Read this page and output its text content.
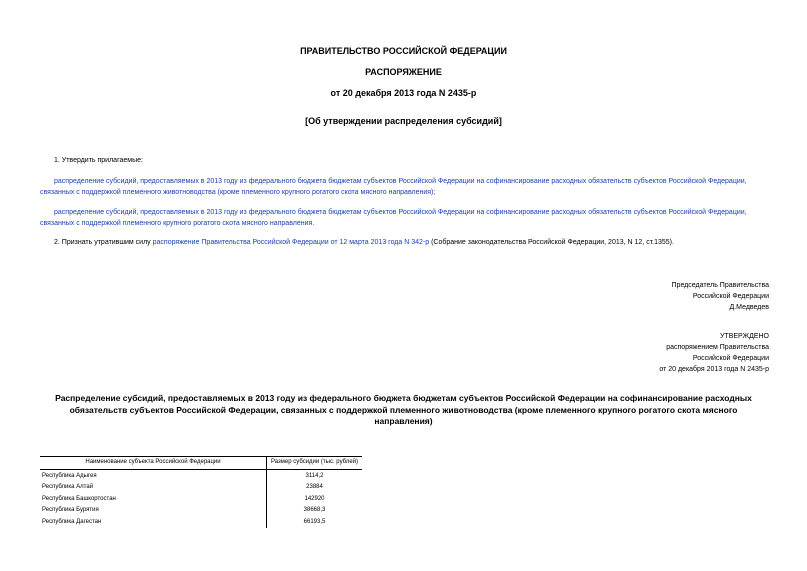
ПРАВИТЕЛЬСТВО РОССИЙСКОЙ ФЕДЕРАЦИИ
РАСПОРЯЖЕНИЕ
от 20 декабря 2013 года N 2435-р
[Об утверждении распределения субсидий]
1. Утвердить прилагаемые:
распределение субсидий, предоставляемых в 2013 году из федерального бюджета бюджетам субъектов Российской Федерации на софинансирование расходных обязательств субъектов Российской Федерации, связанных с поддержкой племенного животноводства (кроме племенного крупного рогатого скота мясного направления);
распределение субсидий, предоставляемых в 2013 году из федерального бюджета бюджетам субъектов Российской Федерации на софинансирование расходных обязательств субъектов Российской Федерации, связанных с поддержкой племенного крупного рогатого скота мясного направления.
2. Признать утратившим силу распоряжение Правительства Российской Федерации от 12 марта 2013 года N 342-р (Собрание законодательства Российской Федерации, 2013, N 12, ст.1355).
Председатель Правительства
Российской Федерации
Д.Медведев
УТВЕРЖДЕНО
распоряжением Правительства
Российской Федерации
от 20 декабря 2013 года N 2435-р
Распределение субсидий, предоставляемых в 2013 году из федерального бюджета бюджетам субъектов Российской Федерации на софинансирование расходных обязательств субъектов Российской Федерации, связанных с поддержкой племенного животноводства (кроме племенного крупного рогатого скота мясного направления)
Наименование субъекта Российской Федерации	Размер субсидии (тыс. рублей)
Республика Адыгея	3114,2
Республика Алтай	23884
Республика Башкортостан	142920
Республика Бурятия	38668,3
Республика Дагестан	66193,5
